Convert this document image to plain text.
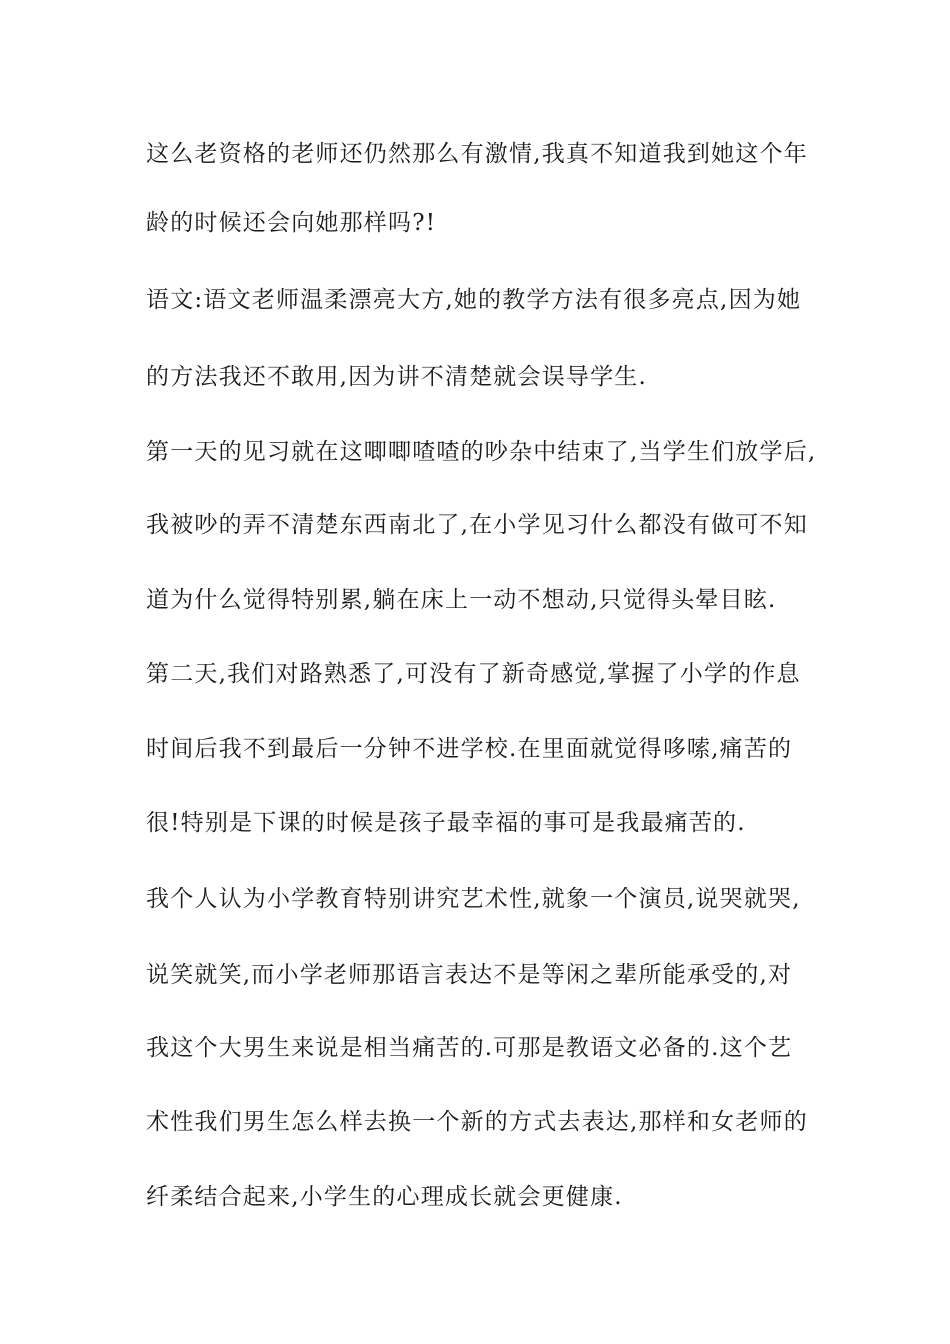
这么老资格的老师还仍然那么有激情,我真不知道我到她这个年

龄的时候还会向她那样吗?!

语文:语文老师温柔漂亮大方,她的教学方法有很多亮点,因为她

的方法我还不敢用,因为讲不清楚就会误导学生.

第一天的见习就在这唧唧喳喳的吵杂中结束了,当学生们放学后,

我被吵的弄不清楚东西南北了,在小学见习什么都没有做可不知

道为什么觉得特别累,躺在床上一动不想动,只觉得头晕目眩.

第二天,我们对路熟悉了,可没有了新奇感觉,掌握了小学的作息

时间后我不到最后一分钟不进学校.在里面就觉得哆嗦,痛苦的

很!特别是下课的时候是孩子最幸福的事可是我最痛苦的.

我个人认为小学教育特别讲究艺术性,就象一个演员,说哭就哭,

说笑就笑,而小学老师那语言表达不是等闲之辈所能承受的,对

我这个大男生来说是相当痛苦的.可那是教语文必备的.这个艺

术性我们男生怎么样去换一个新的方式去表达,那样和女老师的

纤柔结合起来,小学生的心理成长就会更健康.
